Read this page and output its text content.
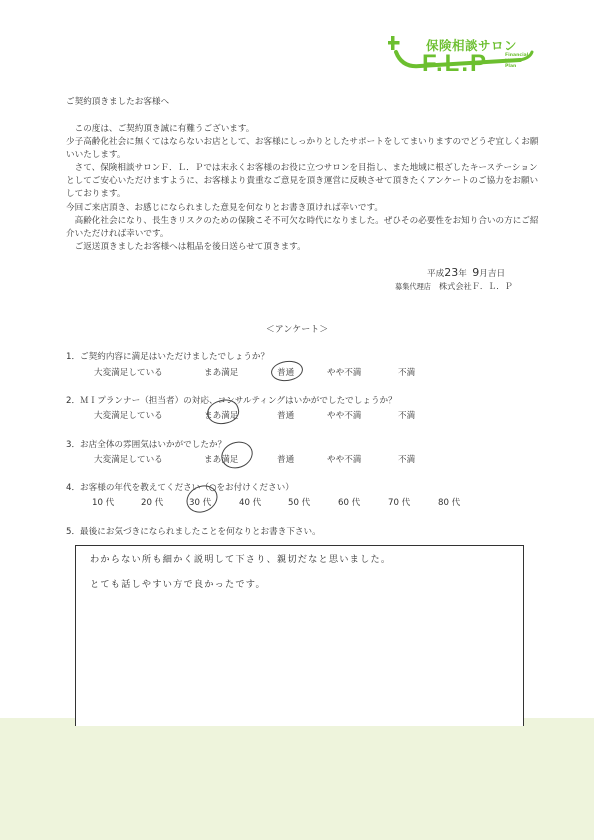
保険相談サロン
Financial
Life
Plan
F.L.P
ご契約頂きましたお客様へ
　この度は、ご契約頂き誠に有難うございます。
少子高齢化社会に無くてはならないお店として、お客様にしっかりとしたサポートをしてまいりますのでどうぞ宜しくお願いいたします。
　さて、保険相談サロンＦ．Ｌ．Ｐでは末永くお客様のお役に立つサロンを目指し、また地域に根ざしたキーステーションとしてご安心いただけますように、お客様より貴重なご意見を頂き運営に反映させて頂きたくアンケートのご協力をお願いしております。
今回ご来店頂き、お感じになられました意見を何なりとお書き頂ければ幸いです。
　高齢化社会になり、長生きリスクのための保険こそ不可欠な時代になりました。ぜひその必要性をお知り合いの方にご紹介いただければ幸いです。
　ご返送頂きましたお客様へは粗品を後日送らせて頂きます。
平成23年 9月吉日
募集代理店 株式会社Ｆ．Ｌ．Ｐ
＜アンケート＞
1．ご契約内容に満足はいただけましたでしょうか？
大変満足している	まあ満足	普通	やや不満	不満
2．ＭＩプランナー（担当者）の対応、コンサルティングはいかがでしたでしょうか？
大変満足している	まあ満足	普通	やや不満	不満
3．お店全体の雰囲気はいかがでしたか？
大変満足している	まあ満足	普通	やや不満	不満
4．お客様の年代を教えてください（○をお付けください）
10 代	20 代	30 代	40 代	50 代	60 代	70 代	80 代
5．最後にお気づきになられましたことを何なりとお書き下さい。
わからない所も細かく説明して下さり、親切だなと思いました。
とても話しやすい方で良かったです。
